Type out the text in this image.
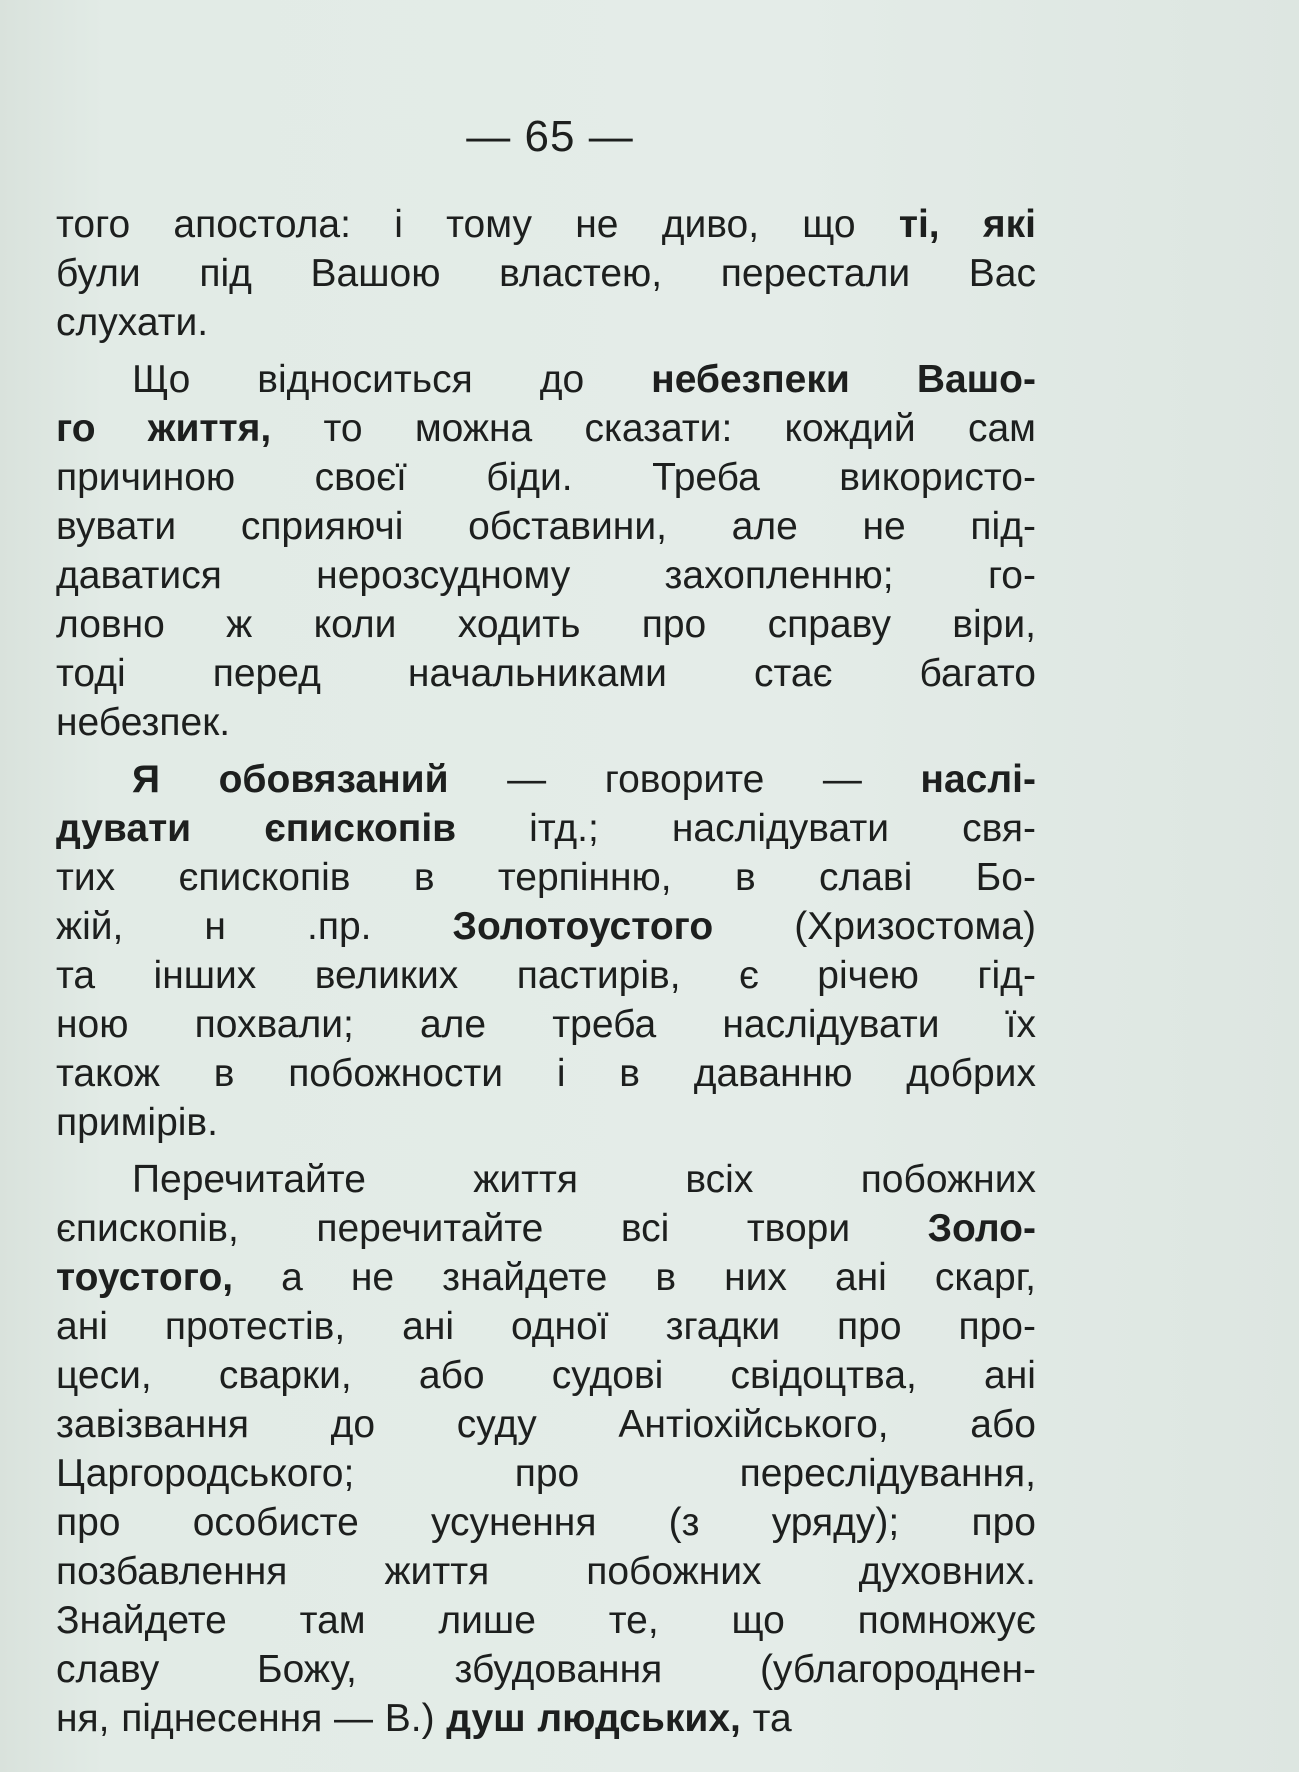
— 65 —
того апостола: і тому не диво, що ті, які
були під Вашою властею, перестали Вас
слухати.
Що відноситься до небезпеки Вашо-
го життя, то можна сказати: кождий сам
причиною своєї біди. Треба використо-
вувати сприяючі обставини, але не під-
даватися нерозсудному захопленню; го-
ловно ж коли ходить про справу віри,
тоді перед начальниками стає багато
небезпек.
Я обовязаний — говорите — наслі-
дувати єпископів ітд.; наслідувати свя-
тих єпископів в терпінню, в славі Бо-
жій, н .пр. Золотоустого (Хризостома)
та інших великих пастирів, є річею гід-
ною похвали; але треба наслідувати їх
також в побожности і в даванню добрих
примірів.
Перечитайте	життя	всіх	побожних
єпископів, перечитайте всі твори Золо-
тоустого, а не знайдете в них ані скарг,
ані протестів, ані одної згадки про про-
цеси, сварки, або судові свідоцтва, ані
завізвання до суду Антіохійського, або
Царгородського;	про	переслідування,
про особисте усунення (з уряду); про
позбавлення життя побожних духовних.
Знайдете там лише те, що помножує
славу	Божу,	збудовання	(ублагороднен-
ня, піднесення — В.) душ людських, та
